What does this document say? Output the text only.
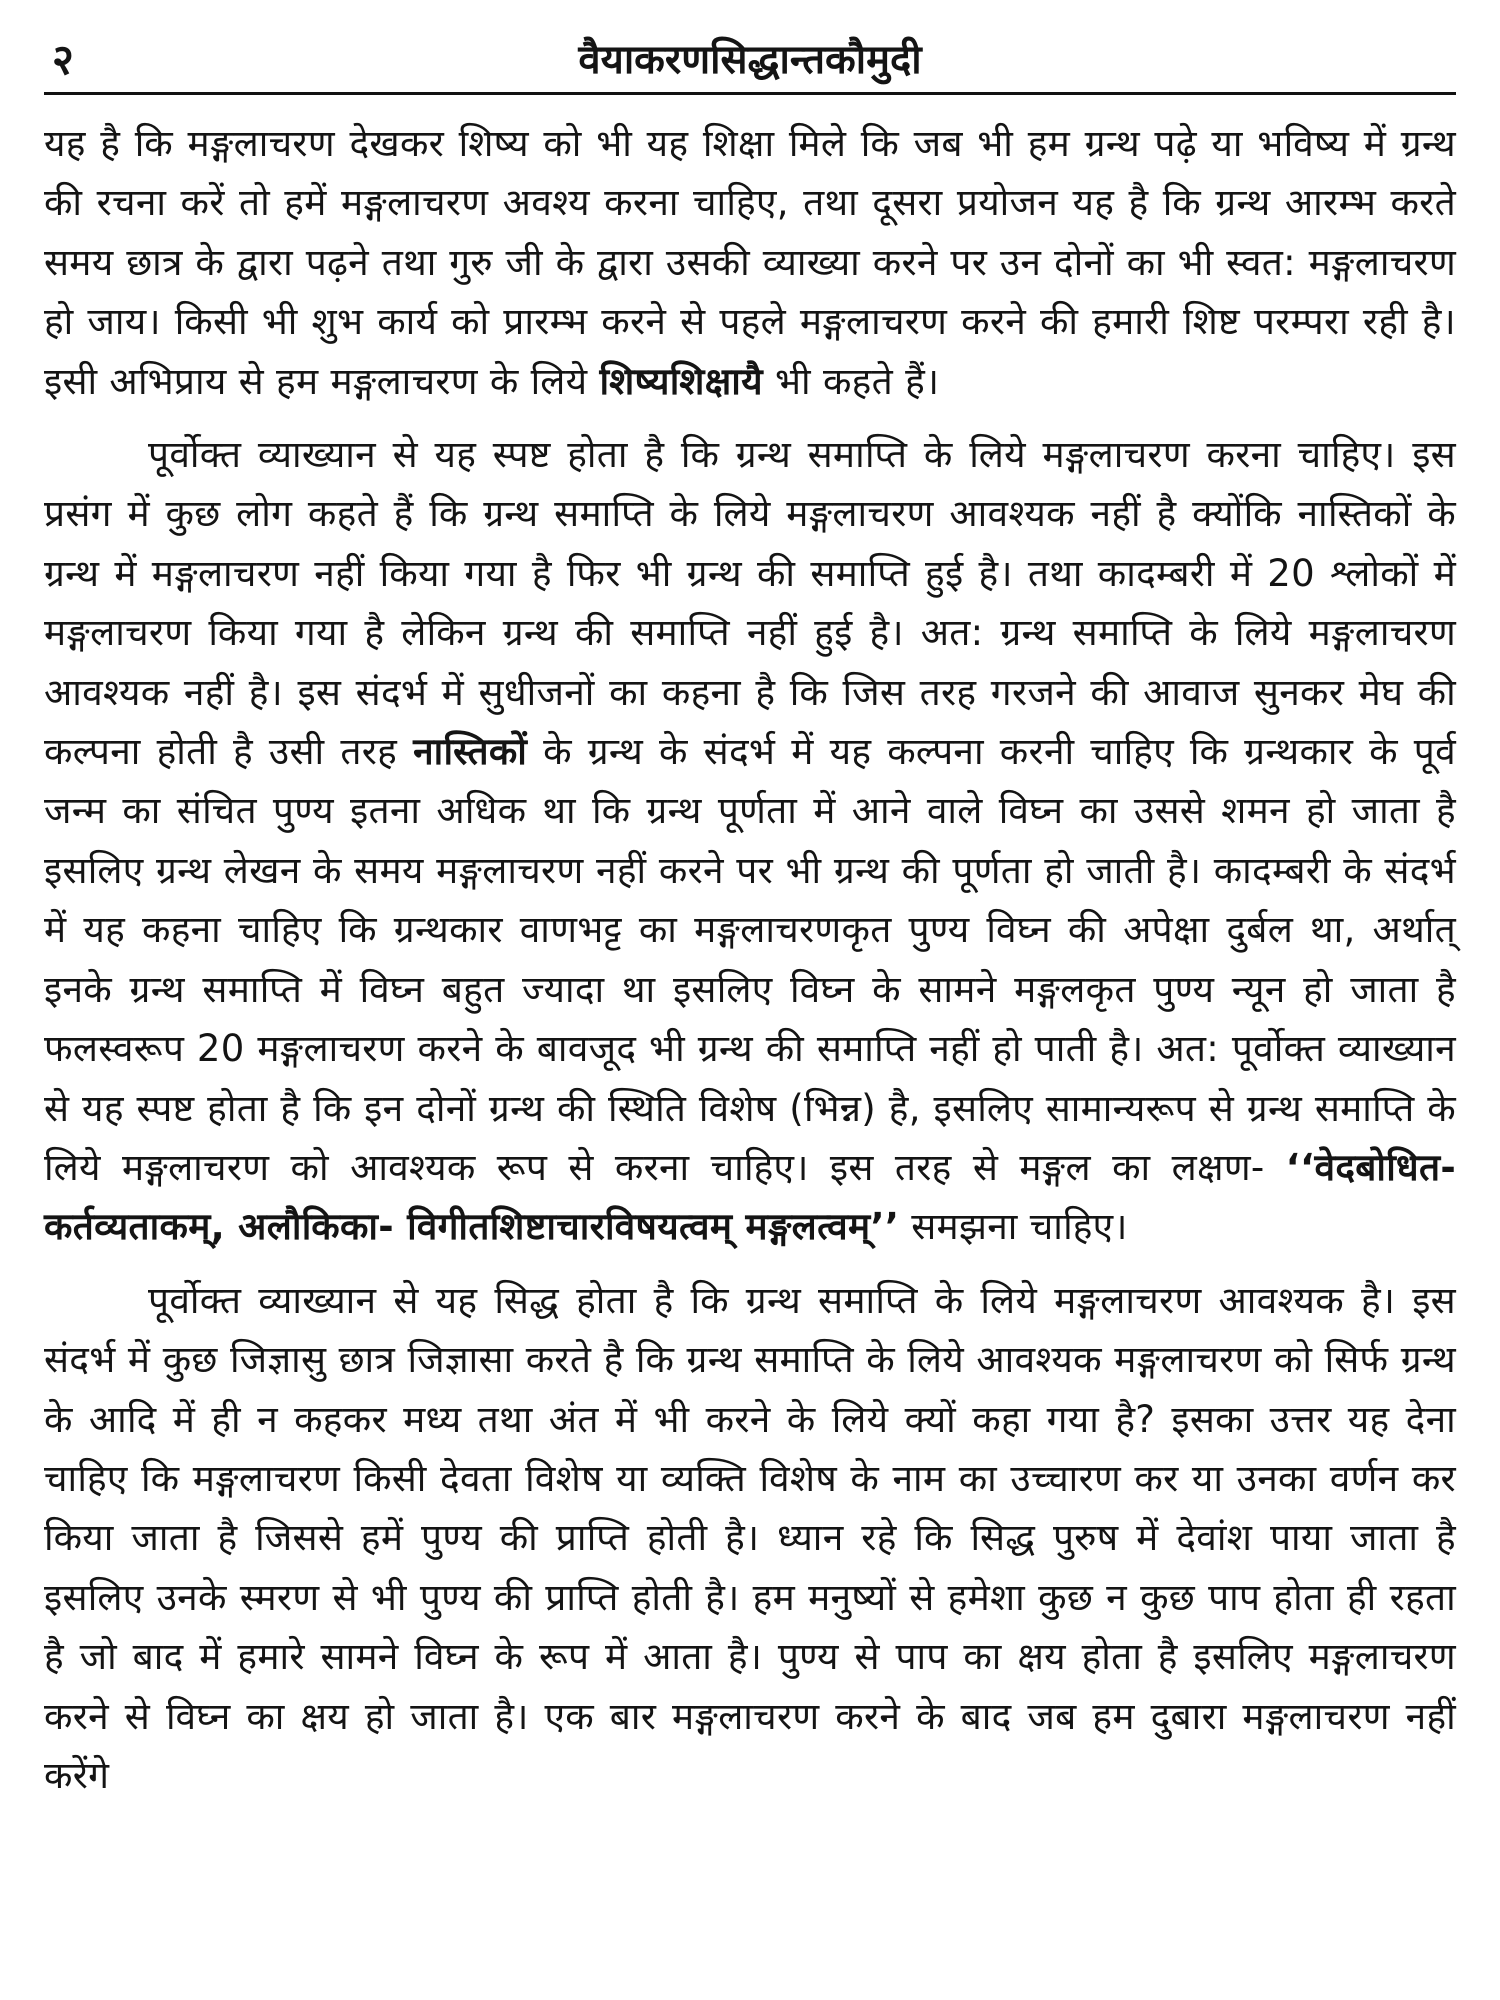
२	वैयाकरणसिद्धान्तकौमुदी

यह है कि मङ्गलाचरण देखकर शिष्य को भी यह शिक्षा मिले कि जब भी हम ग्रन्थ पढ़े या भविष्य में ग्रन्थ की रचना करें तो हमें मङ्गलाचरण अवश्य करना चाहिए, तथा दूसरा प्रयोजन यह है कि ग्रन्थ आरम्भ करते समय छात्र के द्वारा पढ़ने तथा गुरु जी के द्वारा उसकी व्याख्या करने पर उन दोनों का भी स्वत: मङ्गलाचरण हो जाय। किसी भी शुभ कार्य को प्रारम्भ करने से पहले मङ्गलाचरण करने की हमारी शिष्ट परम्परा रही है। इसी अभिप्राय से हम मङ्गलाचरण के लिये शिष्यशिक्षायै भी कहते हैं।

पूर्वोक्त व्याख्यान से यह स्पष्ट होता है कि ग्रन्थ समाप्ति के लिये मङ्गलाचरण करना चाहिए। इस प्रसंग में कुछ लोग कहते हैं कि ग्रन्थ समाप्ति के लिये मङ्गलाचरण आवश्यक नहीं है क्योंकि नास्तिकों के ग्रन्थ में मङ्गलाचरण नहीं किया गया है फिर भी ग्रन्थ की समाप्ति हुई है। तथा कादम्बरी में 20 श्लोकों में मङ्गलाचरण किया गया है लेकिन ग्रन्थ की समाप्ति नहीं हुई है। अत: ग्रन्थ समाप्ति के लिये मङ्गलाचरण आवश्यक नहीं है। इस संदर्भ में सुधीजनों का कहना है कि जिस तरह गरजने की आवाज सुनकर मेघ की कल्पना होती है उसी तरह नास्तिकों के ग्रन्थ के संदर्भ में यह कल्पना करनी चाहिए कि ग्रन्थकार के पूर्व जन्म का संचित पुण्य इतना अधिक था कि ग्रन्थ पूर्णता में आने वाले विघ्न का उससे शमन हो जाता है इसलिए ग्रन्थ लेखन के समय मङ्गलाचरण नहीं करने पर भी ग्रन्थ की पूर्णता हो जाती है। कादम्बरी के संदर्भ में यह कहना चाहिए कि ग्रन्थकार वाणभट्ट का मङ्गलाचरणकृत पुण्य विघ्न की अपेक्षा दुर्बल था, अर्थात् इनके ग्रन्थ समाप्ति में विघ्न बहुत ज्यादा था इसलिए विघ्न के सामने मङ्गलकृत पुण्य न्यून हो जाता है फलस्वरूप 20 मङ्गलाचरण करने के बावजूद भी ग्रन्थ की समाप्ति नहीं हो पाती है। अत: पूर्वोक्त व्याख्यान से यह स्पष्ट होता है कि इन दोनों ग्रन्थ की स्थिति विशेष (भिन्न) है, इसलिए सामान्यरूप से ग्रन्थ समाप्ति के लिये मङ्गलाचरण को आवश्यक रूप से करना चाहिए। इस तरह से मङ्गल का लक्षण- ‘‘वेदबोधित- कर्तव्यताकम्, अलौकिका- विगीतशिष्टाचारविषयत्वम् मङ्गलत्वम्’’ समझना चाहिए।

पूर्वोक्त व्याख्यान से यह सिद्ध होता है कि ग्रन्थ समाप्ति के लिये मङ्गलाचरण आवश्यक है। इस संदर्भ में कुछ जिज्ञासु छात्र जिज्ञासा करते है कि ग्रन्थ समाप्ति के लिये आवश्यक मङ्गलाचरण को सिर्फ ग्रन्थ के आदि में ही न कहकर मध्य तथा अंत में भी करने के लिये क्यों कहा गया है? इसका उत्तर यह देना चाहिए कि मङ्गलाचरण किसी देवता विशेष या व्यक्ति विशेष के नाम का उच्चारण कर या उनका वर्णन कर किया जाता है जिससे हमें पुण्य की प्राप्ति होती है। ध्यान रहे कि सिद्ध पुरुष में देवांश पाया जाता है इसलिए उनके स्मरण से भी पुण्य की प्राप्ति होती है। हम मनुष्यों से हमेशा कुछ न कुछ पाप होता ही रहता है जो बाद में हमारे सामने विघ्न के रूप में आता है। पुण्य से पाप का क्षय होता है इसलिए मङ्गलाचरण करने से विघ्न का क्षय हो जाता है। एक बार मङ्गलाचरण करने के बाद जब हम दुबारा मङ्गलाचरण नहीं करेंगे
